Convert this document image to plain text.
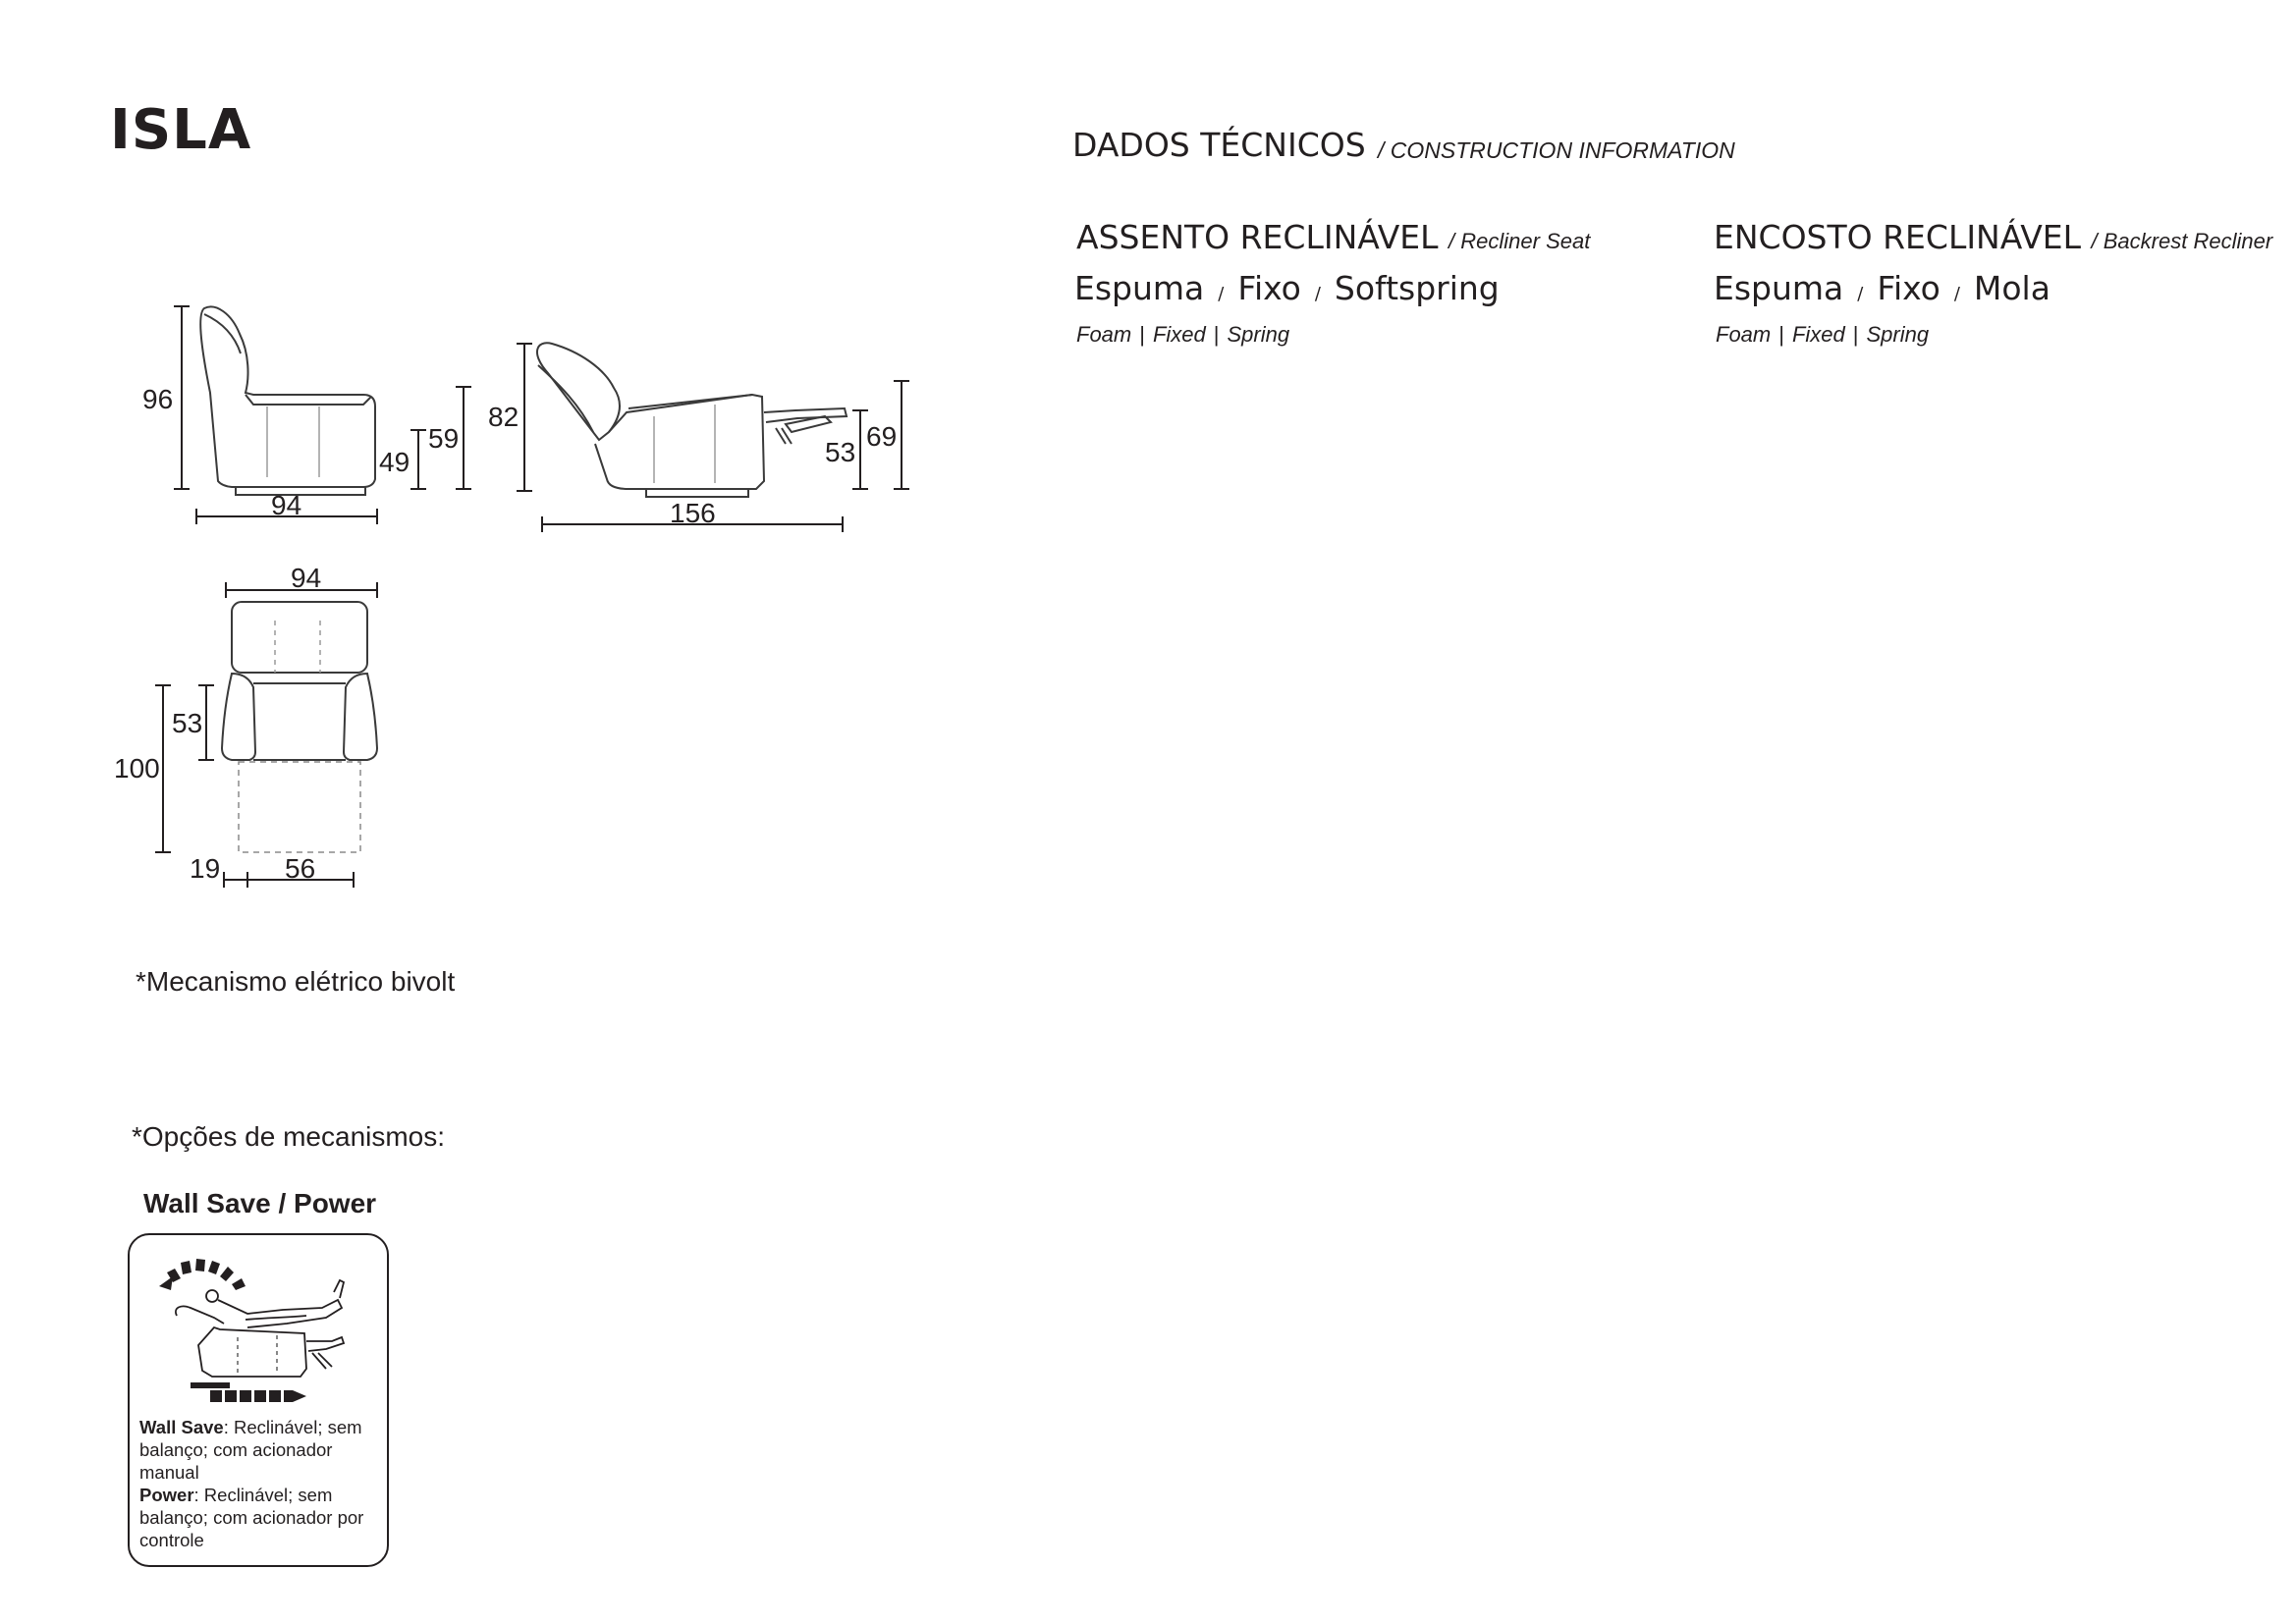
ISLA	DADOS TÉCNICOS / CONSTRUCTION INFORMATION
ASSENTO RECLINÁVEL / Recliner Seat
Espuma / Fixo / Softspring
Foam | Fixed | Spring
ENCOSTO RECLINÁVEL / Backrest Recliner
Espuma / Fixo / Mola
Foam | Fixed | Spring
96
59
49
94
82
69
53
156
94
53
100
19 56
*Mecanismo elétrico bivolt
*Opções de mecanismos:
Wall Save / Power
Wall Save: Reclinável; sem balanço; com acionador manual
Power: Reclinável; sem balanço; com acionador por controle
